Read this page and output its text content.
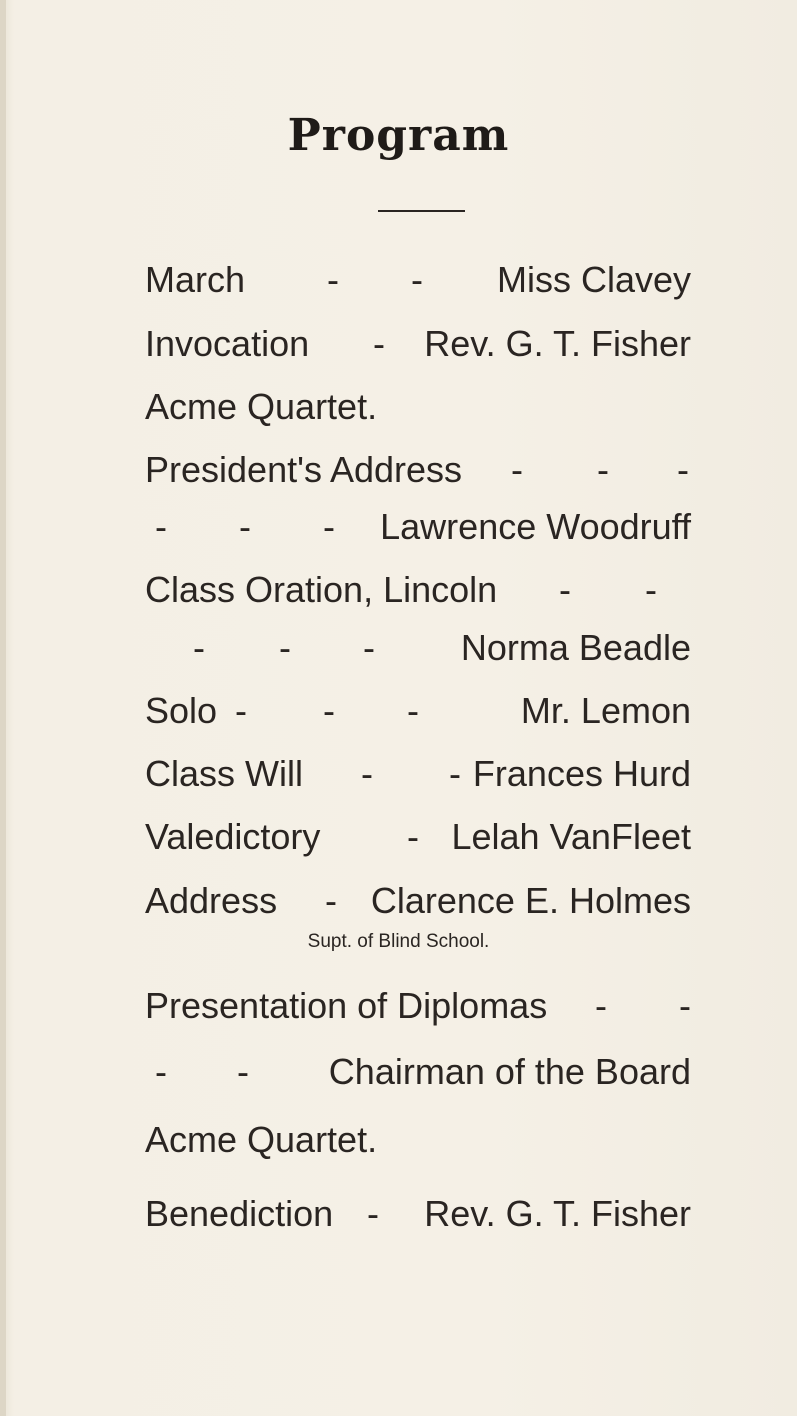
Program
March - - Miss Clavey
Invocation - Rev. G. T. Fisher
Acme Quartet.
President's Address - - -
- - - Lawrence Woodruff
Class Oration, Lincoln - -
- - - Norma Beadle
Solo - - -	Mr. Lemon
Class Will - - Frances Hurd
Valedictory - Lelah VanFleet
Address - Clarence E. Holmes
Supt. of Blind School.
Presentation of Diplomas - -
- - Chairman of the Board
Acme Quartet.
Benediction - Rev. G. T. Fisher
